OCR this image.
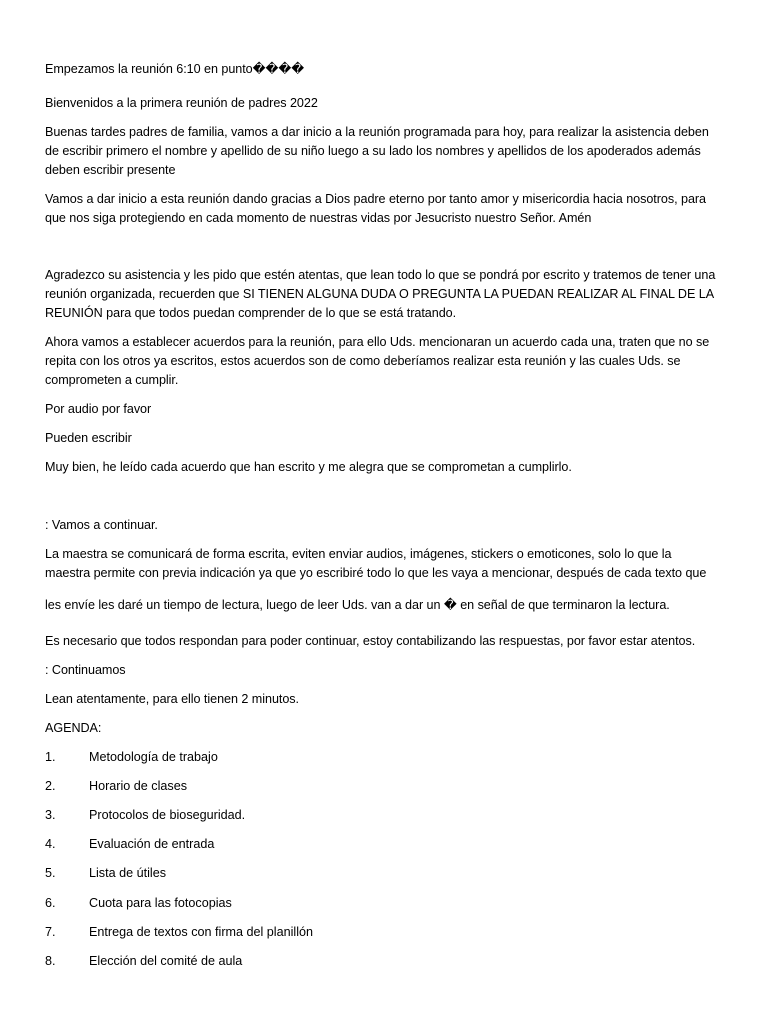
Empezamos la reunión 6:10 en punto����
Bienvenidos a la primera reunión de padres 2022
Buenas tardes padres de familia, vamos a dar inicio a la reunión programada para hoy, para realizar la asistencia deben
de escribir primero el nombre y apellido de su niño luego a su lado los nombres y apellidos de los apoderados además
deben escribir presente
Vamos a dar inicio a esta reunión dando gracias a Dios padre eterno por tanto amor y misericordia hacia nosotros, para
que nos siga protegiendo en cada momento de nuestras vidas por Jesucristo nuestro Señor. Amén
Agradezco su asistencia y les pido que estén atentas, que lean todo lo que se pondrá por escrito y tratemos de tener una
reunión organizada, recuerden que SI TIENEN ALGUNA DUDA O PREGUNTA LA PUEDAN REALIZAR AL FINAL DE LA
REUNIÓN para que todos puedan comprender de lo que se está tratando.
Ahora vamos a establecer acuerdos para la reunión, para ello Uds. mencionaran un acuerdo cada una, traten que no se
repita con los otros ya escritos, estos acuerdos son de como deberíamos realizar esta reunión y las cuales Uds. se
comprometen a cumplir.
Por audio por favor
Pueden escribir
Muy bien, he leído cada acuerdo que han escrito y me alegra que se comprometan a cumplirlo.
: Vamos a continuar.
La maestra se comunicará de forma escrita, eviten enviar audios, imágenes, stickers o emoticones, solo lo que la
maestra permite con previa indicación ya que yo escribiré todo lo que les vaya a mencionar, después de cada texto que
les envíe les daré un tiempo de lectura, luego de leer Uds. van a dar un � en señal de que terminaron la lectura.
Es necesario que todos respondan para poder continuar, estoy contabilizando las respuestas, por favor estar atentos.
: Continuamos
Lean atentamente, para ello tienen 2 minutos.
AGENDA:
1.	Metodología de trabajo
2.	Horario de clases
3.	Protocolos de bioseguridad.
4.	Evaluación de entrada
5.	Lista de útiles
6.	Cuota para las fotocopias
7.	Entrega de textos con firma del planillón
8.	Elección del comité de aula
